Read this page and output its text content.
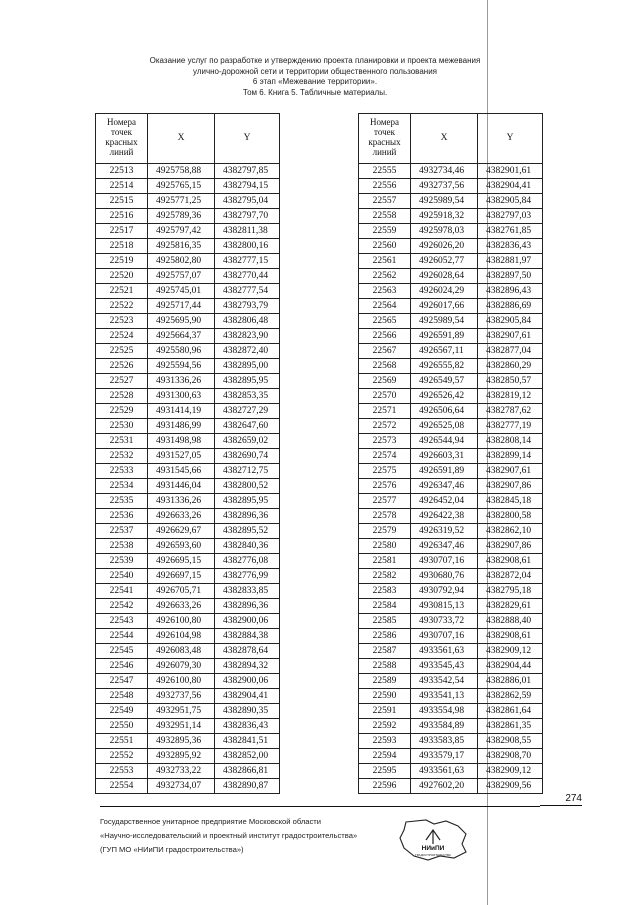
Оказание услуг по разработке и утверждению проекта планировки и проекта межевания
улично-дорожной сети и территории общественного пользования
6 этап «Межевание территории».
Том 6. Книга 5. Табличные материалы.
Номера точек красных линий	X	Y
22513	4925758,88	4382797,85
22514	4925765,15	4382794,15
22515	4925771,25	4382795,04
22516	4925789,36	4382797,70
22517	4925797,42	4382811,38
22518	4925816,35	4382800,16
22519	4925802,80	4382777,15
22520	4925757,07	4382770,44
22521	4925745,01	4382777,54
22522	4925717,44	4382793,79
22523	4925695,90	4382806,48
22524	4925664,37	4382823,90
22525	4925580,96	4382872,40
22526	4925594,56	4382895,00
22527	4931336,26	4382895,95
22528	4931300,63	4382853,35
22529	4931414,19	4382727,29
22530	4931486,99	4382647,60
22531	4931498,98	4382659,02
22532	4931527,05	4382690,74
22533	4931545,66	4382712,75
22534	4931446,04	4382800,52
22535	4931336,26	4382895,95
22536	4926633,26	4382896,36
22537	4926629,67	4382895,52
22538	4926593,60	4382840,36
22539	4926695,15	4382776,08
22540	4926697,15	4382776,99
22541	4926705,71	4382833,85
22542	4926633,26	4382896,36
22543	4926100,80	4382900,06
22544	4926104,98	4382884,38
22545	4926083,48	4382878,64
22546	4926079,30	4382894,32
22547	4926100,80	4382900,06
22548	4932737,56	4382904,41
22549	4932951,75	4382890,35
22550	4932951,14	4382836,43
22551	4932895,36	4382841,51
22552	4932895,92	4382852,00
22553	4932733,22	4382866,81
22554	4932734,07	4382890,87
Номера точек красных линий	X	Y
22555	4932734,46	4382901,61
22556	4932737,56	4382904,41
22557	4925989,54	4382905,84
22558	4925918,32	4382797,03
22559	4925978,03	4382761,85
22560	4926026,20	4382836,43
22561	4926052,77	4382881,97
22562	4926028,64	4382897,50
22563	4926024,29	4382896,43
22564	4926017,66	4382886,69
22565	4925989,54	4382905,84
22566	4926591,89	4382907,61
22567	4926567,11	4382877,04
22568	4926555,82	4382860,29
22569	4926549,57	4382850,57
22570	4926526,42	4382819,12
22571	4926506,64	4382787,62
22572	4926525,08	4382777,19
22573	4926544,94	4382808,14
22574	4926603,31	4382899,14
22575	4926591,89	4382907,61
22576	4926347,46	4382907,86
22577	4926452,04	4382845,18
22578	4926422,38	4382800,58
22579	4926319,52	4382862,10
22580	4926347,46	4382907,86
22581	4930707,16	4382908,61
22582	4930680,76	4382872,04
22583	4930792,94	4382795,18
22584	4930815,13	4382829,61
22585	4930733,72	4382888,40
22586	4930707,16	4382908,61
22587	4933561,63	4382909,12
22588	4933545,43	4382904,44
22589	4933542,54	4382886,01
22590	4933541,13	4382862,59
22591	4933554,98	4382861,64
22592	4933584,89	4382861,35
22593	4933583,85	4382908,55
22594	4933579,17	4382908,70
22595	4933561,63	4382909,12
22596	4927602,20	4382909,56
274
Государственное унитарное предприятие Московской области
«Научно-исследовательский и проектный институт градостроительства»
(ГУП МО «НИиПИ градостроительства»)	НИиПИ
ГРАДОСТРОИТЕЛЬСТВА
